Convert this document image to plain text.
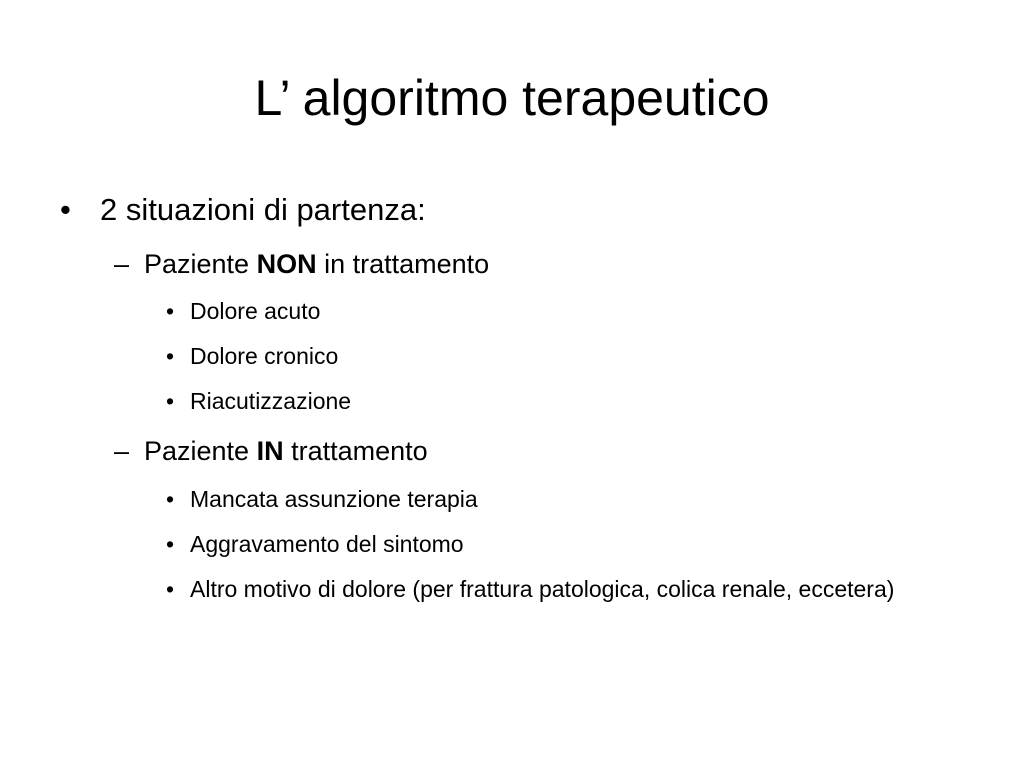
L’ algoritmo terapeutico
• 2 situazioni di partenza:
– Paziente NON in trattamento
• Dolore acuto
• Dolore cronico
• Riacutizzazione
– Paziente IN trattamento
• Mancata assunzione terapia
• Aggravamento del sintomo
• Altro motivo di dolore (per frattura patologica, colica renale, eccetera)
